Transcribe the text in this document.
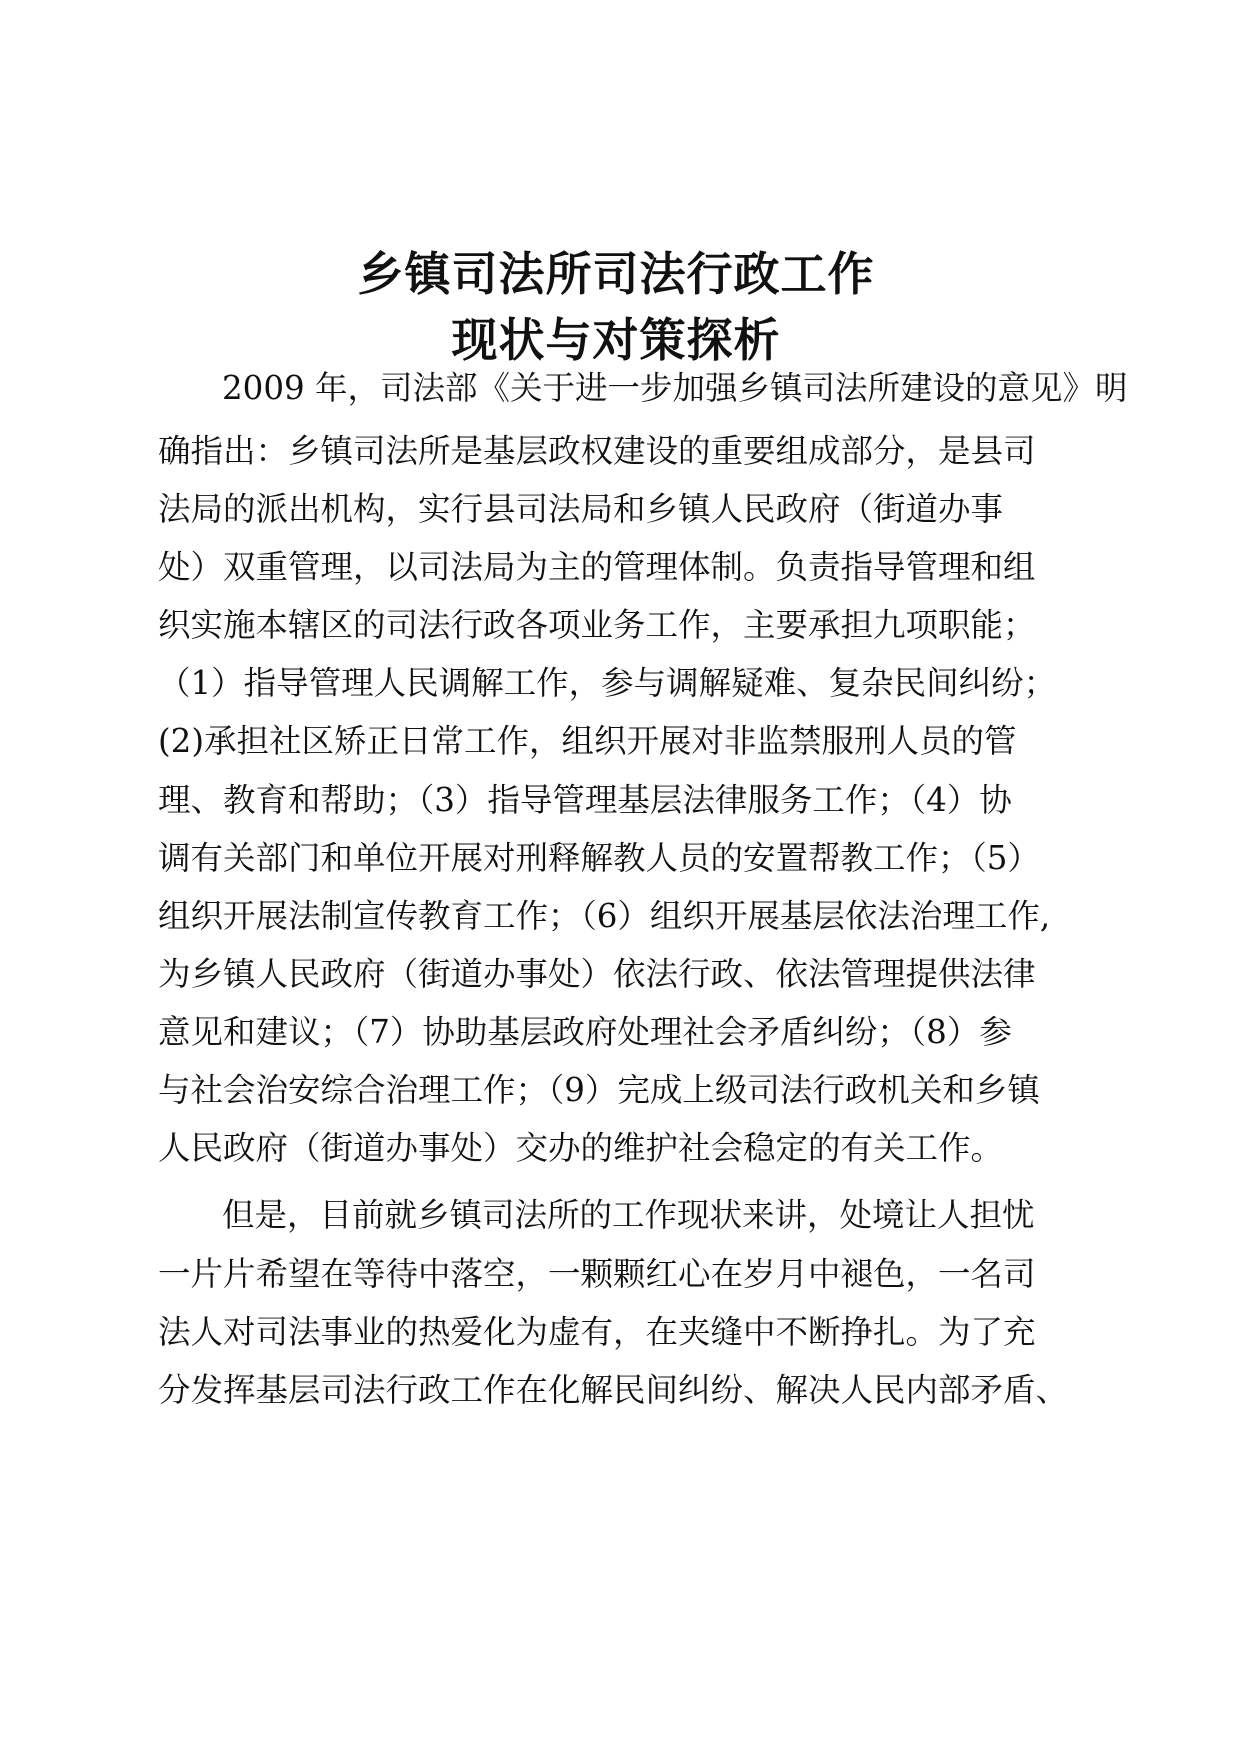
乡镇司法所司法行政工作
现状与对策探析

2009 年，司法部《关于进一步加强乡镇司法所建设的意见》明

确指出：乡镇司法所是基层政权建设的重要组成部分，是县司

法局的派出机构，实行县司法局和乡镇人民政府（街道办事

处）双重管理，以司法局为主的管理体制。负责指导管理和组

织实施本辖区的司法行政各项业务工作，主要承担九项职能；

（1）指导管理人民调解工作，参与调解疑难、复杂民间纠纷；

(2)承担社区矫正日常工作，组织开展对非监禁服刑人员的管

理、教育和帮助；（3）指导管理基层法律服务工作；（4）协

调有关部门和单位开展对刑释解教人员的安置帮教工作；（5）

组织开展法制宣传教育工作；（6）组织开展基层依法治理工作,

为乡镇人民政府（街道办事处）依法行政、依法管理提供法律

意见和建议；（7）协助基层政府处理社会矛盾纠纷；（8）参

与社会治安综合治理工作；（9）完成上级司法行政机关和乡镇

人民政府（街道办事处）交办的维护社会稳定的有关工作。

但是，目前就乡镇司法所的工作现状来讲，处境让人担忧

一片片希望在等待中落空，一颗颗红心在岁月中褪色，一名司

法人对司法事业的热爱化为虚有，在夹缝中不断挣扎。为了充

分发挥基层司法行政工作在化解民间纠纷、解决人民内部矛盾、
